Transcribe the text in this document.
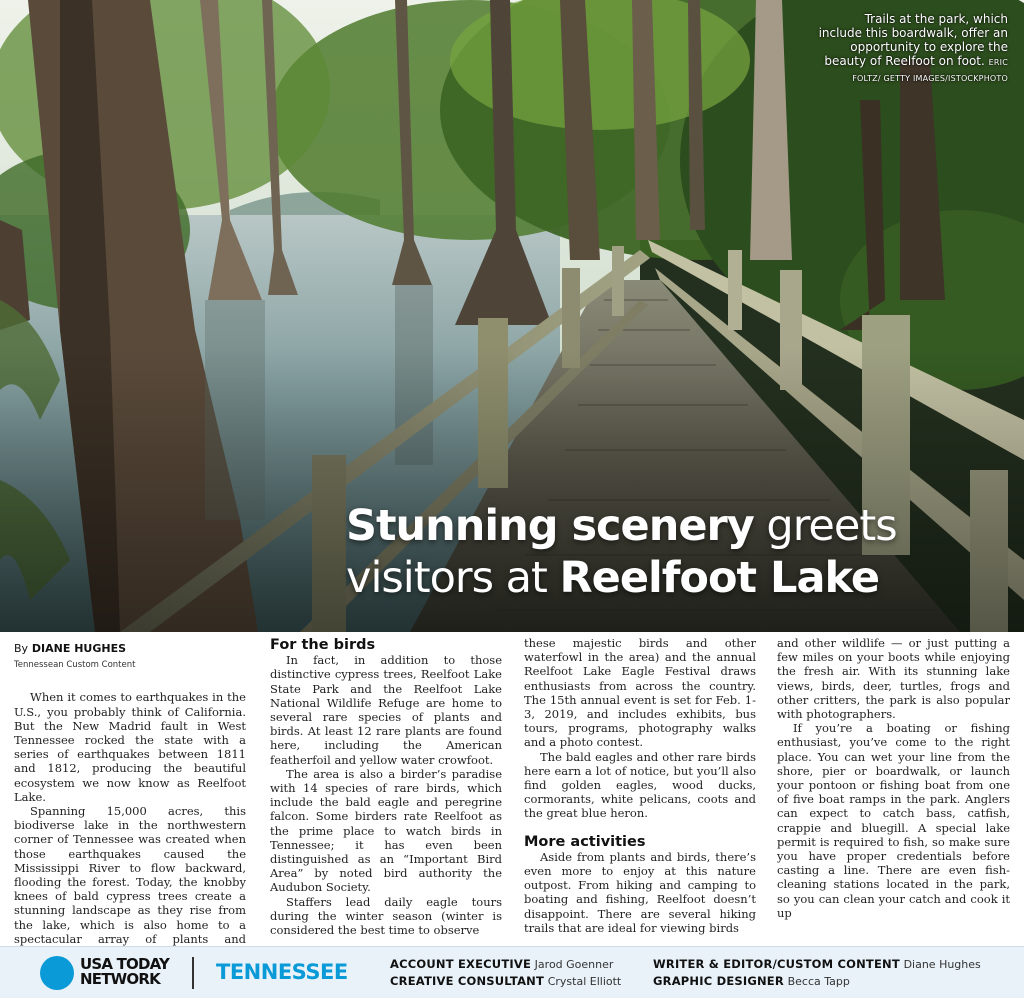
Trails at the park, which include this boardwalk, offer an opportunity to explore the beauty of Reelfoot on foot. ERIC FOLTZ/ GETTY IMAGES/ISTOCKPHOTO
Stunning scenery greets
visitors at Reelfoot Lake
By DIANE HUGHES
Tennessean Custom Content

When it comes to earthquakes in the U.S., you probably think of California. But the New Madrid fault in West Tennessee rocked the state with a series of earthquakes between 1811 and 1812, producing the beautiful ecosystem we now know as Reelfoot Lake.

Spanning 15,000 acres, this biodiverse lake in the northwestern corner of Tennessee was created when those earthquakes caused the Mississippi River to flow backward, flooding the forest. Today, the knobby knees of bald cypress trees create a stunning landscape as they rise from the lake, which is also home to a spectacular array of plants and

For the birds

In fact, in addition to those distinctive cypress trees, Reelfoot Lake State Park and the Reelfoot Lake National Wildlife Refuge are home to several rare species of plants and birds. At least 12 rare plants are found here, including the American featherfoil and yellow water crowfoot.

The area is also a birder’s paradise with 14 species of rare birds, which include the bald eagle and peregrine falcon. Some birders rate Reelfoot as the prime place to watch birds in Tennessee; it has even been distinguished as an “Important Bird Area” by noted bird authority the Audubon Society.

Staffers lead daily eagle tours during the winter season (winter is considered the best time to observe

these majestic birds and other waterfowl in the area) and the annual Reelfoot Lake Eagle Festival draws enthusiasts from across the country. The 15th annual event is set for Feb. 1-3, 2019, and includes exhibits, bus tours, programs, photography walks and a photo contest.

The bald eagles and other rare birds here earn a lot of notice, but you’ll also find golden eagles, wood ducks, cormorants, white pelicans, coots and the great blue heron.

More activities

Aside from plants and birds, there’s even more to enjoy at this nature outpost. From hiking and camping to boating and fishing, Reelfoot doesn’t disappoint. There are several hiking trails that are ideal for viewing birds

and other wildlife — or just putting a few miles on your boots while enjoying the fresh air. With its stunning lake views, birds, deer, turtles, frogs and other critters, the park is also popular with photographers.

If you’re a boating or fishing enthusiast, you’ve come to the right place. You can wet your line from the shore, pier or boardwalk, or launch your pontoon or fishing boat from one of five boat ramps in the park. Anglers can expect to catch bass, catfish, crappie and bluegill. A special lake permit is required to fish, so make sure you have proper credentials before casting a line. There are even fish-cleaning stations located in the park, so you can clean your catch and cook it up

USA TODAY
NETWORK	TENNESSEE	ACCOUNT EXECUTIVE Jarod Goenner
CREATIVE CONSULTANT Crystal Elliott
WRITER & EDITOR/CUSTOM CONTENT Diane Hughes
GRAPHIC DESIGNER Becca Tapp
